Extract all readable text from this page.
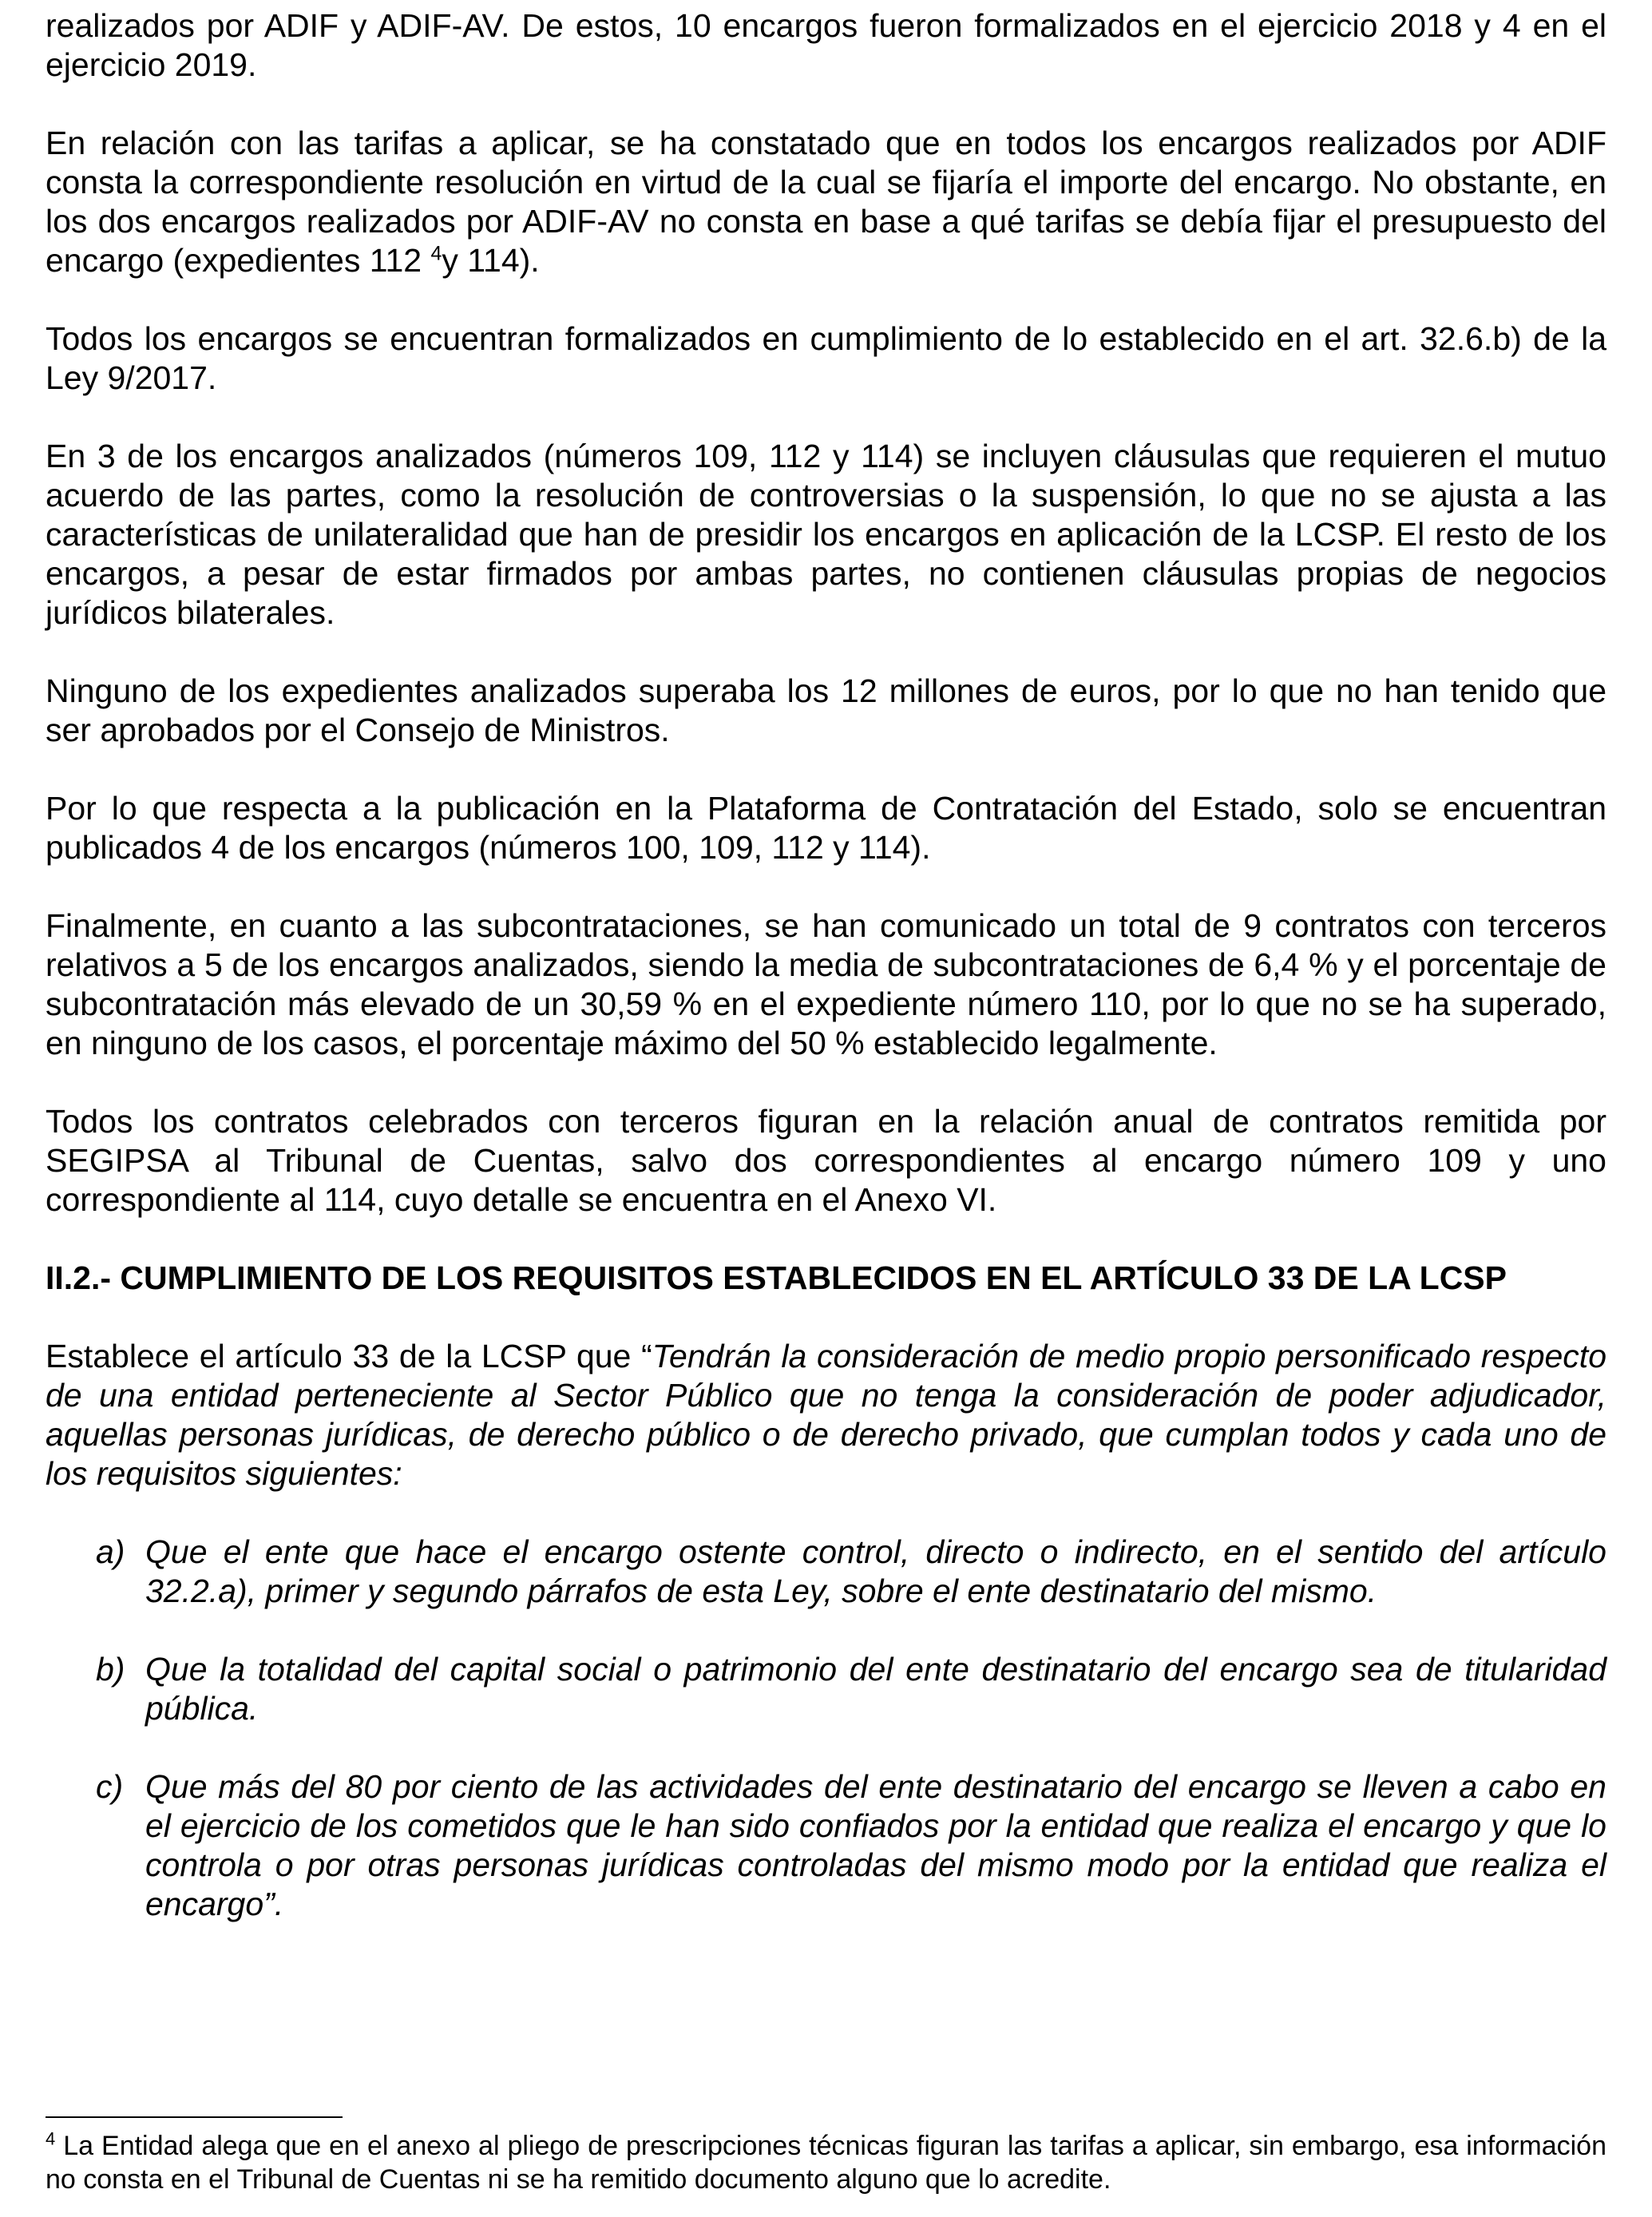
realizados por ADIF y ADIF-AV. De estos, 10 encargos fueron formalizados en el ejercicio 2018 y 4 en el ejercicio 2019.

En relación con las tarifas a aplicar, se ha constatado que en todos los encargos realizados por ADIF consta la correspondiente resolución en virtud de la cual se fijaría el importe del encargo. No obstante, en los dos encargos realizados por ADIF-AV no consta en base a qué tarifas se debía fijar el presupuesto del encargo (expedientes 112 $^4$y 114).

Todos los encargos se encuentran formalizados en cumplimiento de lo establecido en el art. 32.6.b) de la Ley 9/2017.

En 3 de los encargos analizados (números 109, 112 y 114) se incluyen cláusulas que requieren el mutuo acuerdo de las partes, como la resolución de controversias o la suspensión, lo que no se ajusta a las características de unilateralidad que han de presidir los encargos en aplicación de la LCSP. El resto de los encargos, a pesar de estar firmados por ambas partes, no contienen cláusulas propias de negocios jurídicos bilaterales.

Ninguno de los expedientes analizados superaba los 12 millones de euros, por lo que no han tenido que ser aprobados por el Consejo de Ministros.

Por lo que respecta a la publicación en la Plataforma de Contratación del Estado, solo se encuentran publicados 4 de los encargos (números 100, 109, 112 y 114).

Finalmente, en cuanto a las subcontrataciones, se han comunicado un total de 9 contratos con terceros relativos a 5 de los encargos analizados, siendo la media de subcontrataciones de 6,4 % y el porcentaje de subcontratación más elevado de un 30,59 % en el expediente número 110, por lo que no se ha superado, en ninguno de los casos, el porcentaje máximo del 50 % establecido legalmente.

Todos los contratos celebrados con terceros figuran en la relación anual de contratos remitida por SEGIPSA al Tribunal de Cuentas, salvo dos correspondientes al encargo número 109 y uno correspondiente al 114, cuyo detalle se encuentra en el Anexo VI.

II.2.- CUMPLIMIENTO DE LOS REQUISITOS ESTABLECIDOS EN EL ARTÍCULO 33 DE LA LCSP

Establece el artículo 33 de la LCSP que “Tendrán la consideración de medio propio personificado respecto de una entidad perteneciente al Sector Público que no tenga la consideración de poder adjudicador, aquellas personas jurídicas, de derecho público o de derecho privado, que cumplan todos y cada uno de los requisitos siguientes:

a) Que el ente que hace el encargo ostente control, directo o indirecto, en el sentido del artículo 32.2.a), primer y segundo párrafos de esta Ley, sobre el ente destinatario del mismo.
b) Que la totalidad del capital social o patrimonio del ente destinatario del encargo sea de titularidad pública.
c) Que más del 80 por ciento de las actividades del ente destinatario del encargo se lleven a cabo en el ejercicio de los cometidos que le han sido confiados por la entidad que realiza el encargo y que lo controla o por otras personas jurídicas controladas del mismo modo por la entidad que realiza el encargo”.

$^4$ La Entidad alega que en el anexo al pliego de prescripciones técnicas figuran las tarifas a aplicar, sin embargo, esa información no consta en el Tribunal de Cuentas ni se ha remitido documento alguno que lo acredite.
